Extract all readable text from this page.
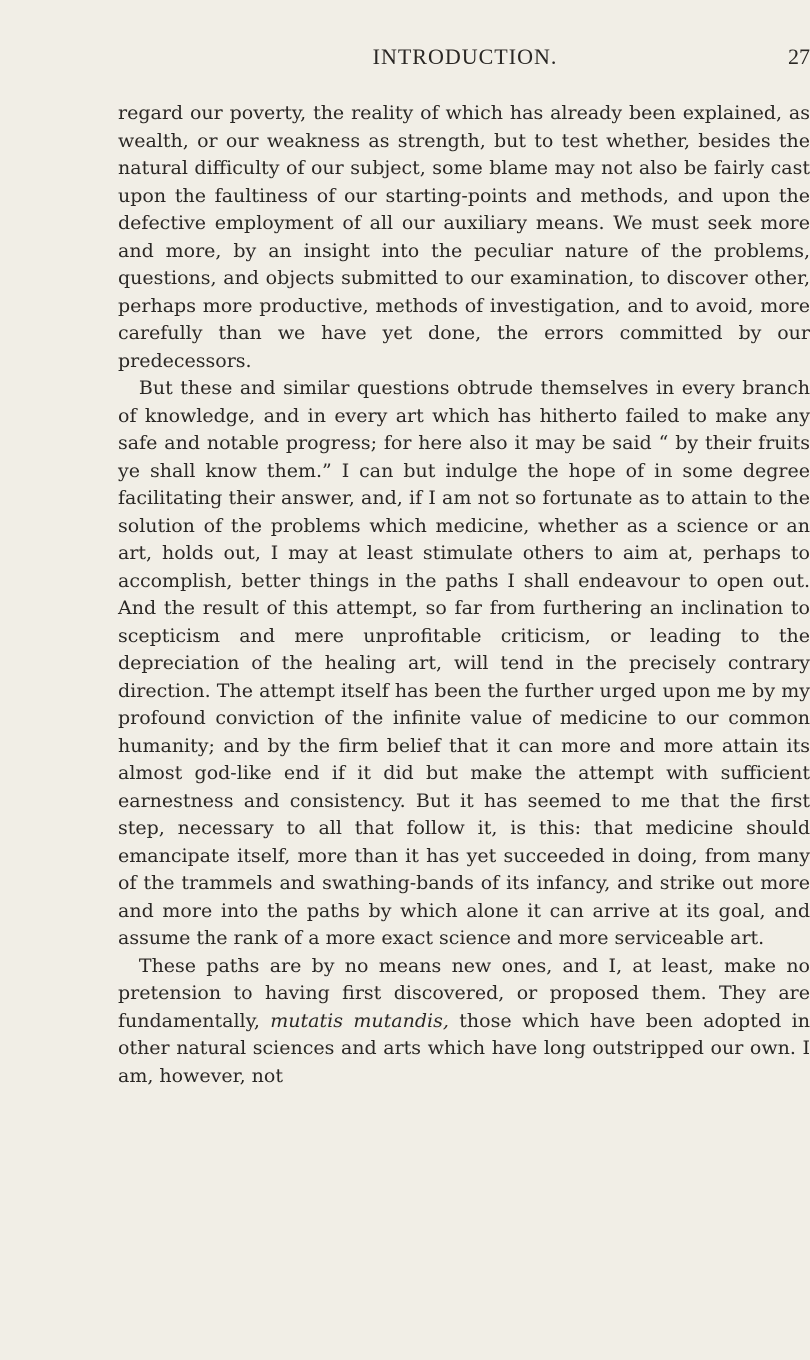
INTRODUCTION.	27

regard our poverty, the reality of which has already been explained, as wealth, or our weakness as strength, but to test whether, besides the natural difficulty of our subject, some blame may not also be fairly cast upon the faultiness of our starting-points and methods, and upon the defective employment of all our auxiliary means. We must seek more and more, by an insight into the peculiar nature of the problems, questions, and objects submitted to our examination, to discover other, perhaps more productive, methods of investigation, and to avoid, more carefully than we have yet done, the errors committed by our predecessors.

But these and similar questions obtrude themselves in every branch of knowledge, and in every art which has hitherto failed to make any safe and notable progress; for here also it may be said “ by their fruits ye shall know them.” I can but indulge the hope of in some degree facilitating their answer, and, if I am not so fortunate as to attain to the solution of the problems which medicine, whether as a science or an art, holds out, I may at least stimulate others to aim at, perhaps to accomplish, better things in the paths I shall endeavour to open out. And the result of this attempt, so far from furthering an inclination to scepticism and mere unprofitable criticism, or leading to the depreciation of the healing art, will tend in the precisely contrary direction. The attempt itself has been the further urged upon me by my profound conviction of the infinite value of medicine to our common humanity; and by the firm belief that it can more and more attain its almost god-like end if it did but make the attempt with sufficient earnestness and consistency. But it has seemed to me that the first step, necessary to all that follow it, is this: that medicine should emancipate itself, more than it has yet succeeded in doing, from many of the trammels and swathing-bands of its infancy, and strike out more and more into the paths by which alone it can arrive at its goal, and assume the rank of a more exact science and more serviceable art.

These paths are by no means new ones, and I, at least, make no pretension to having first discovered, or proposed them. They are fundamentally, mutatis mutandis, those which have been adopted in other natural sciences and arts which have long outstripped our own. I am, however, not
